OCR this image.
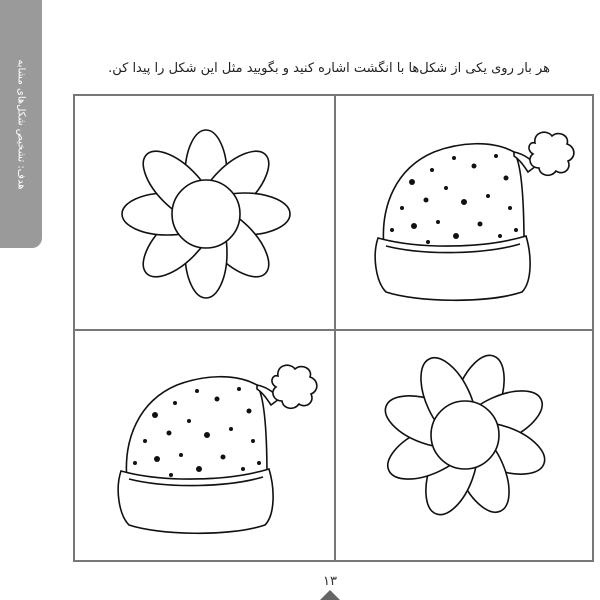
هدف: تشخیص شکل‌های مشابه	هر بار روی یکی از شکل‌ها با انگشت اشاره کنید و بگویید مثل این شکل را پیدا کن.
۱۳
